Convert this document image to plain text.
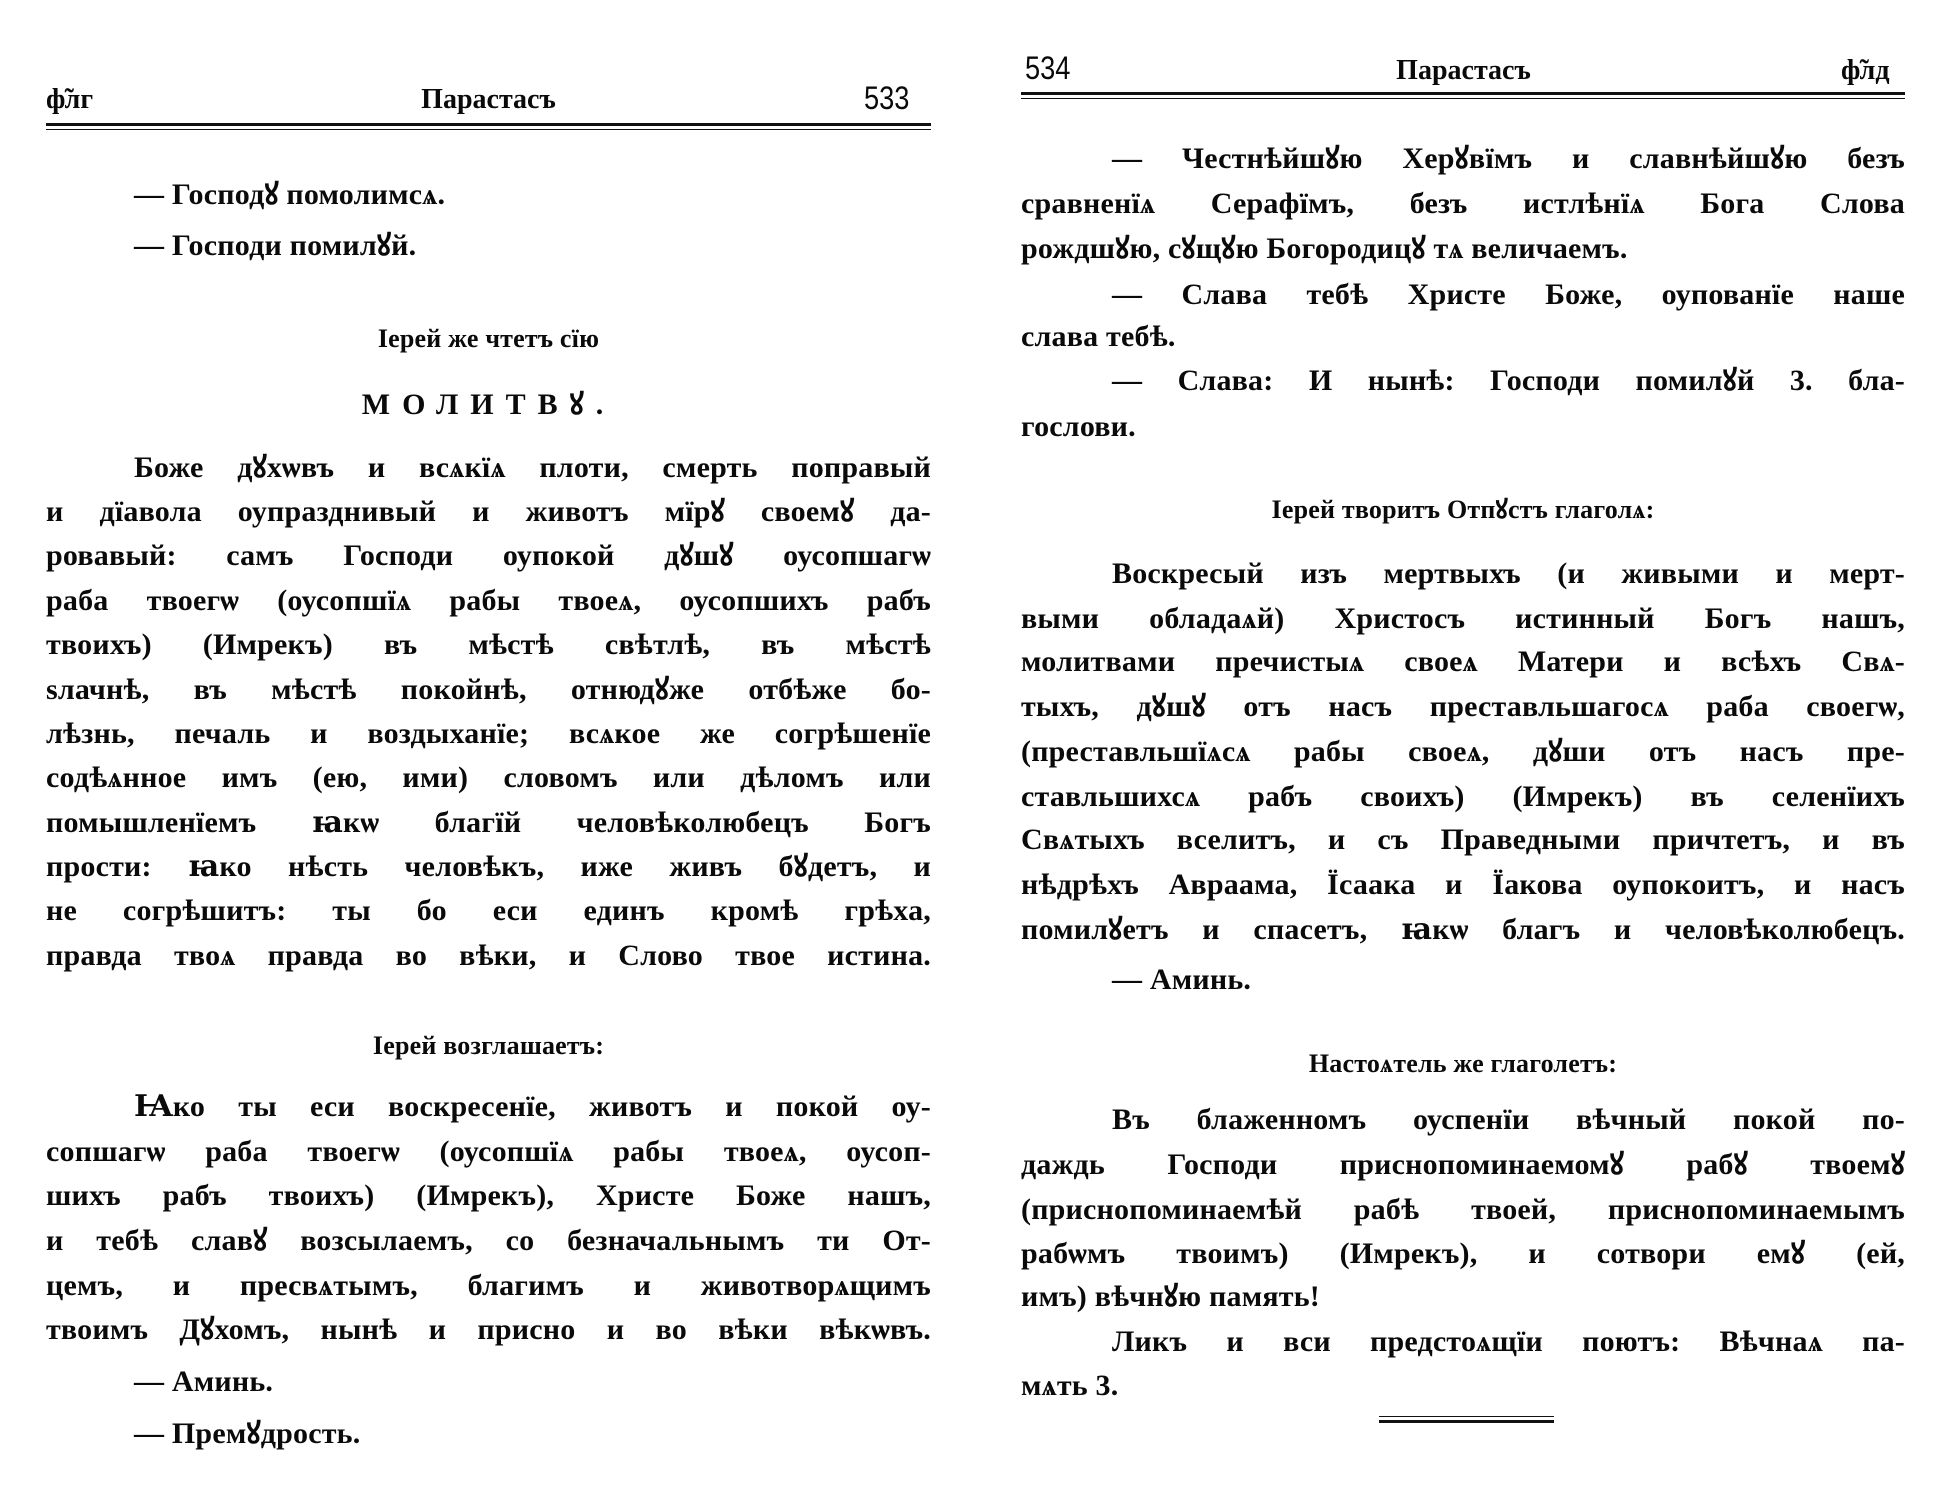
ф̃лг	Парастасъ	533
— Господꙋ помолимсѧ.
— Господи помилꙋй.
Іерей же чтетъ сїю
МОЛИТВꙋ.
Боже дꙋхѡвъ и всѧкїѧ плоти, смерть поправый
и дїавола оупразднивый и животъ мїрꙋ своемꙋ да-
ровавый: самъ Господи оупокой дꙋшꙋ оусопшагѡ
раба твоегѡ (оусопшїѧ рабы твоеѧ, оусопшихъ рабъ
твоихъ) (Имрекъ) въ мѣстѣ свѣтлѣ, въ мѣстѣ
ѕлачнѣ, въ мѣстѣ покойнѣ, отнюдꙋже отбѣже бо-
лѣзнь, печаль и воздыханїе; всѧкое же согрѣшенїе
содѣѧнное имъ (ею, ими) словомъ или дѣломъ или
помышленїемъ ꙗкѡ благїй человѣколюбецъ Богъ
прости: ꙗко нѣсть человѣкъ, иже живъ бꙋдетъ, и
не согрѣшитъ: ты бо еси единъ кромѣ грѣха,
правда твоѧ правда во вѣки, и Слово твое истина.
Іерей возглашаетъ:
Ꙗко ты еси воскресенїе, животъ и покой оу-
сопшагѡ раба твоегѡ (оусопшїѧ рабы твоеѧ, оусоп-
шихъ рабъ твоихъ) (Имрекъ), Христе Боже нашъ,
и тебѣ славꙋ возсылаемъ, со безначальнымъ ти От-
цемъ, и пресвѧтымъ, благимъ и животворѧщимъ
твоимъ Дꙋхомъ, нынѣ и присно и во вѣки вѣкѡвъ.
— Аминь.
— Премꙋдрость.
534	Парастасъ	ф̃лд
— Честнѣйшꙋю Херꙋвїмъ и славнѣйшꙋю безъ
сравненїѧ Серафїмъ, безъ истлѣнїѧ Бога Слова
рождшꙋю, сꙋщꙋю Богородицꙋ тѧ величаемъ.
— Слава тебѣ Христе Боже, оупованїе наше
слава тебѣ.
— Слава: И нынѣ: Господи помилꙋй 3. бла-
гослови.
Іерей творитъ Отпꙋстъ глаголѧ:
Воскресый изъ мертвыхъ (и живыми и мерт-
выми обладаѧй) Христосъ истинный Богъ нашъ,
молитвами пречистыѧ своеѧ Матери и всѣхъ Свѧ-
тыхъ, дꙋшꙋ отъ насъ преставльшагосѧ раба своегѡ,
(преставльшїѧсѧ рабы своеѧ, дꙋши отъ насъ пре-
ставльшихсѧ рабъ своихъ) (Имрекъ) въ селенїихъ
Свѧтыхъ вселитъ, и съ Праведными причтетъ, и въ
нѣдрѣхъ Авраама, Їсаака и Їакова оупокоитъ, и насъ
помилꙋетъ и спасетъ, ꙗкѡ благъ и человѣколюбецъ.
— Аминь.
Настоѧтель же глаголетъ:
Въ блаженномъ оуспенїи вѣчный покой по-
даждь Господи приснопоминаемомꙋ рабꙋ твоемꙋ
(приснопоминаемѣй рабѣ твоей, приснопоминаемымъ
рабѡмъ твоимъ) (Имрекъ), и сотвори емꙋ (ей,
имъ) вѣчнꙋю память!
Ликъ и вси предстоѧщїи поютъ: Вѣчнаѧ па-
мѧть 3.
